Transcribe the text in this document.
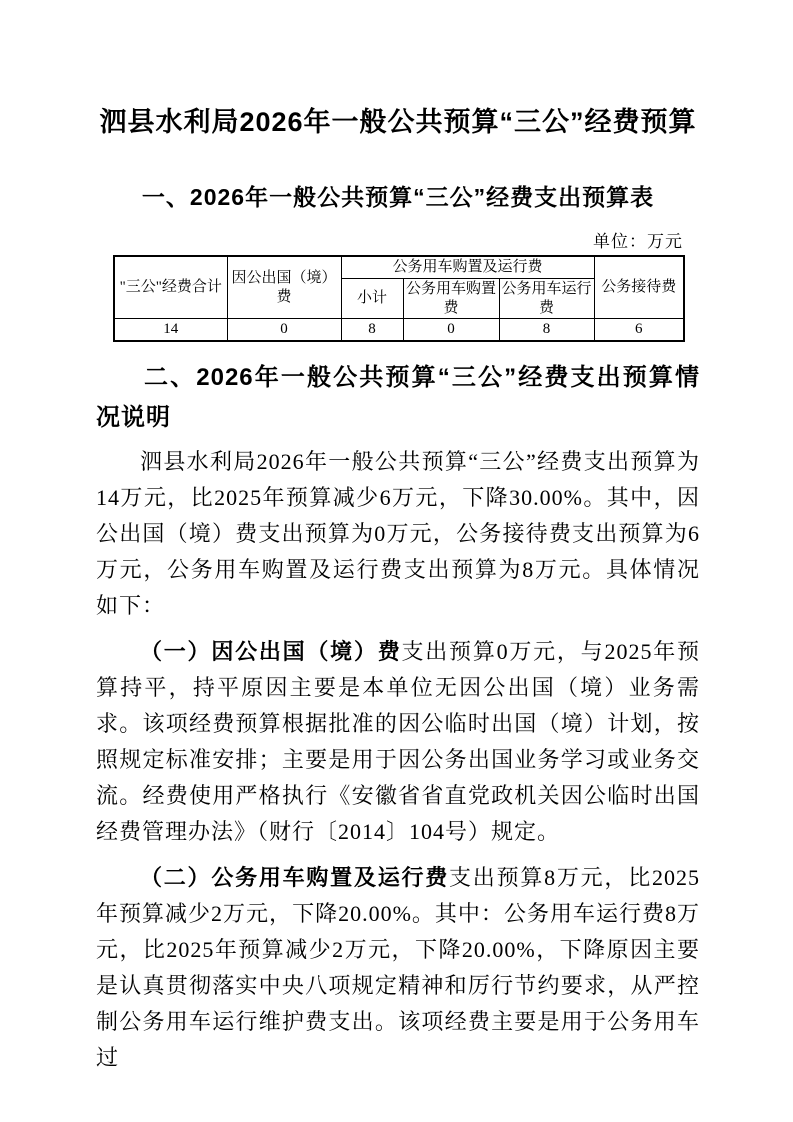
泗县水利局2026年一般公共预算“三公”经费预算
一、2026年一般公共预算“三公”经费支出预算表
单位：万元
"三公"经费合计	因公出国（境）费	公务用车购置及运行费			公务接待费
		小计	公务用车购置费	公务用车运行费	
14	0	8	0	8	6
二、2026年一般公共预算“三公”经费支出预算情况说明

泗县水利局2026年一般公共预算“三公”经费支出预算为14万元，比2025年预算减少6万元，下降30.00%。其中，因公出国（境）费支出预算为0万元，公务接待费支出预算为6万元，公务用车购置及运行费支出预算为8万元。具体情况如下：

（一）因公出国（境）费支出预算0万元，与2025年预算持平，持平原因主要是本单位无因公出国（境）业务需求。该项经费预算根据批准的因公临时出国（境）计划，按照规定标准安排；主要是用于因公务出国业务学习或业务交流。经费使用严格执行《安徽省省直党政机关因公临时出国经费管理办法》（财行〔2014〕104号）规定。

（二）公务用车购置及运行费支出预算8万元，比2025年预算减少2万元，下降20.00%。其中：公务用车运行费8万元，比2025年预算减少2万元，下降20.00%，下降原因主要是认真贯彻落实中央八项规定精神和厉行节约要求，从严控制公务用车运行维护费支出。该项经费主要是用于公务用车过
